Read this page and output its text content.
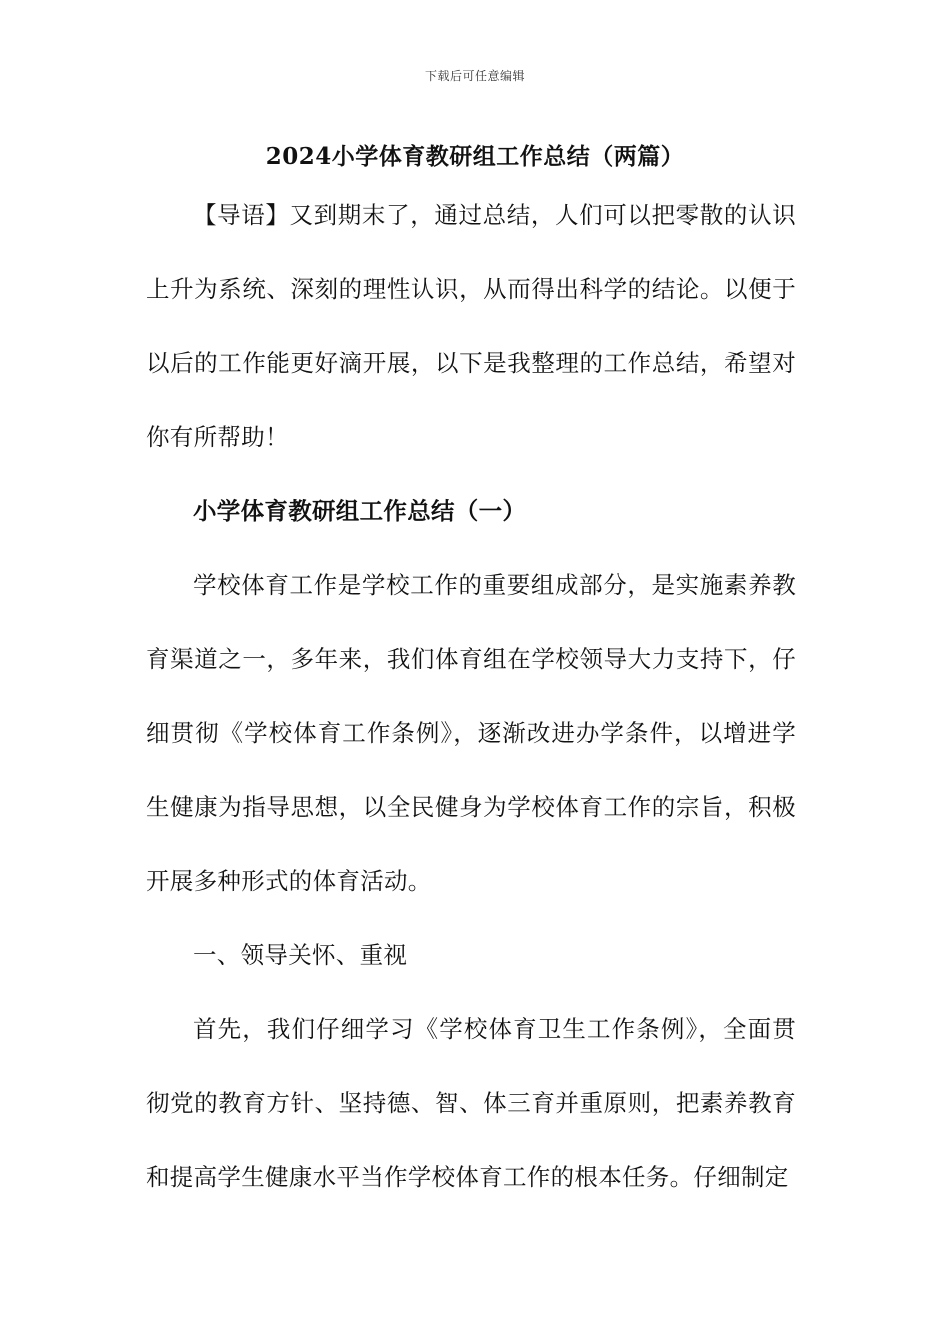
下载后可任意编辑
2024小学体育教研组工作总结（两篇）

【导语】又到期末了，通过总结，人们可以把零散的认识上升为系统、深刻的理性认识，从而得出科学的结论。以便于以后的工作能更好滴开展，以下是我整理的工作总结，希望对你有所帮助！

小学体育教研组工作总结（一）

学校体育工作是学校工作的重要组成部分，是实施素养教育渠道之一，多年来，我们体育组在学校领导大力支持下，仔细贯彻《学校体育工作条例》，逐渐改进办学条件，以增进学生健康为指导思想，以全民健身为学校体育工作的宗旨，积极开展多种形式的体育活动。

一、领导关怀、重视

首先，我们仔细学习《学校体育卫生工作条例》，全面贯彻党的教育方针、坚持德、智、体三育并重原则，把素养教育和提高学生健康水平当作学校体育工作的根本任务。仔细制定
